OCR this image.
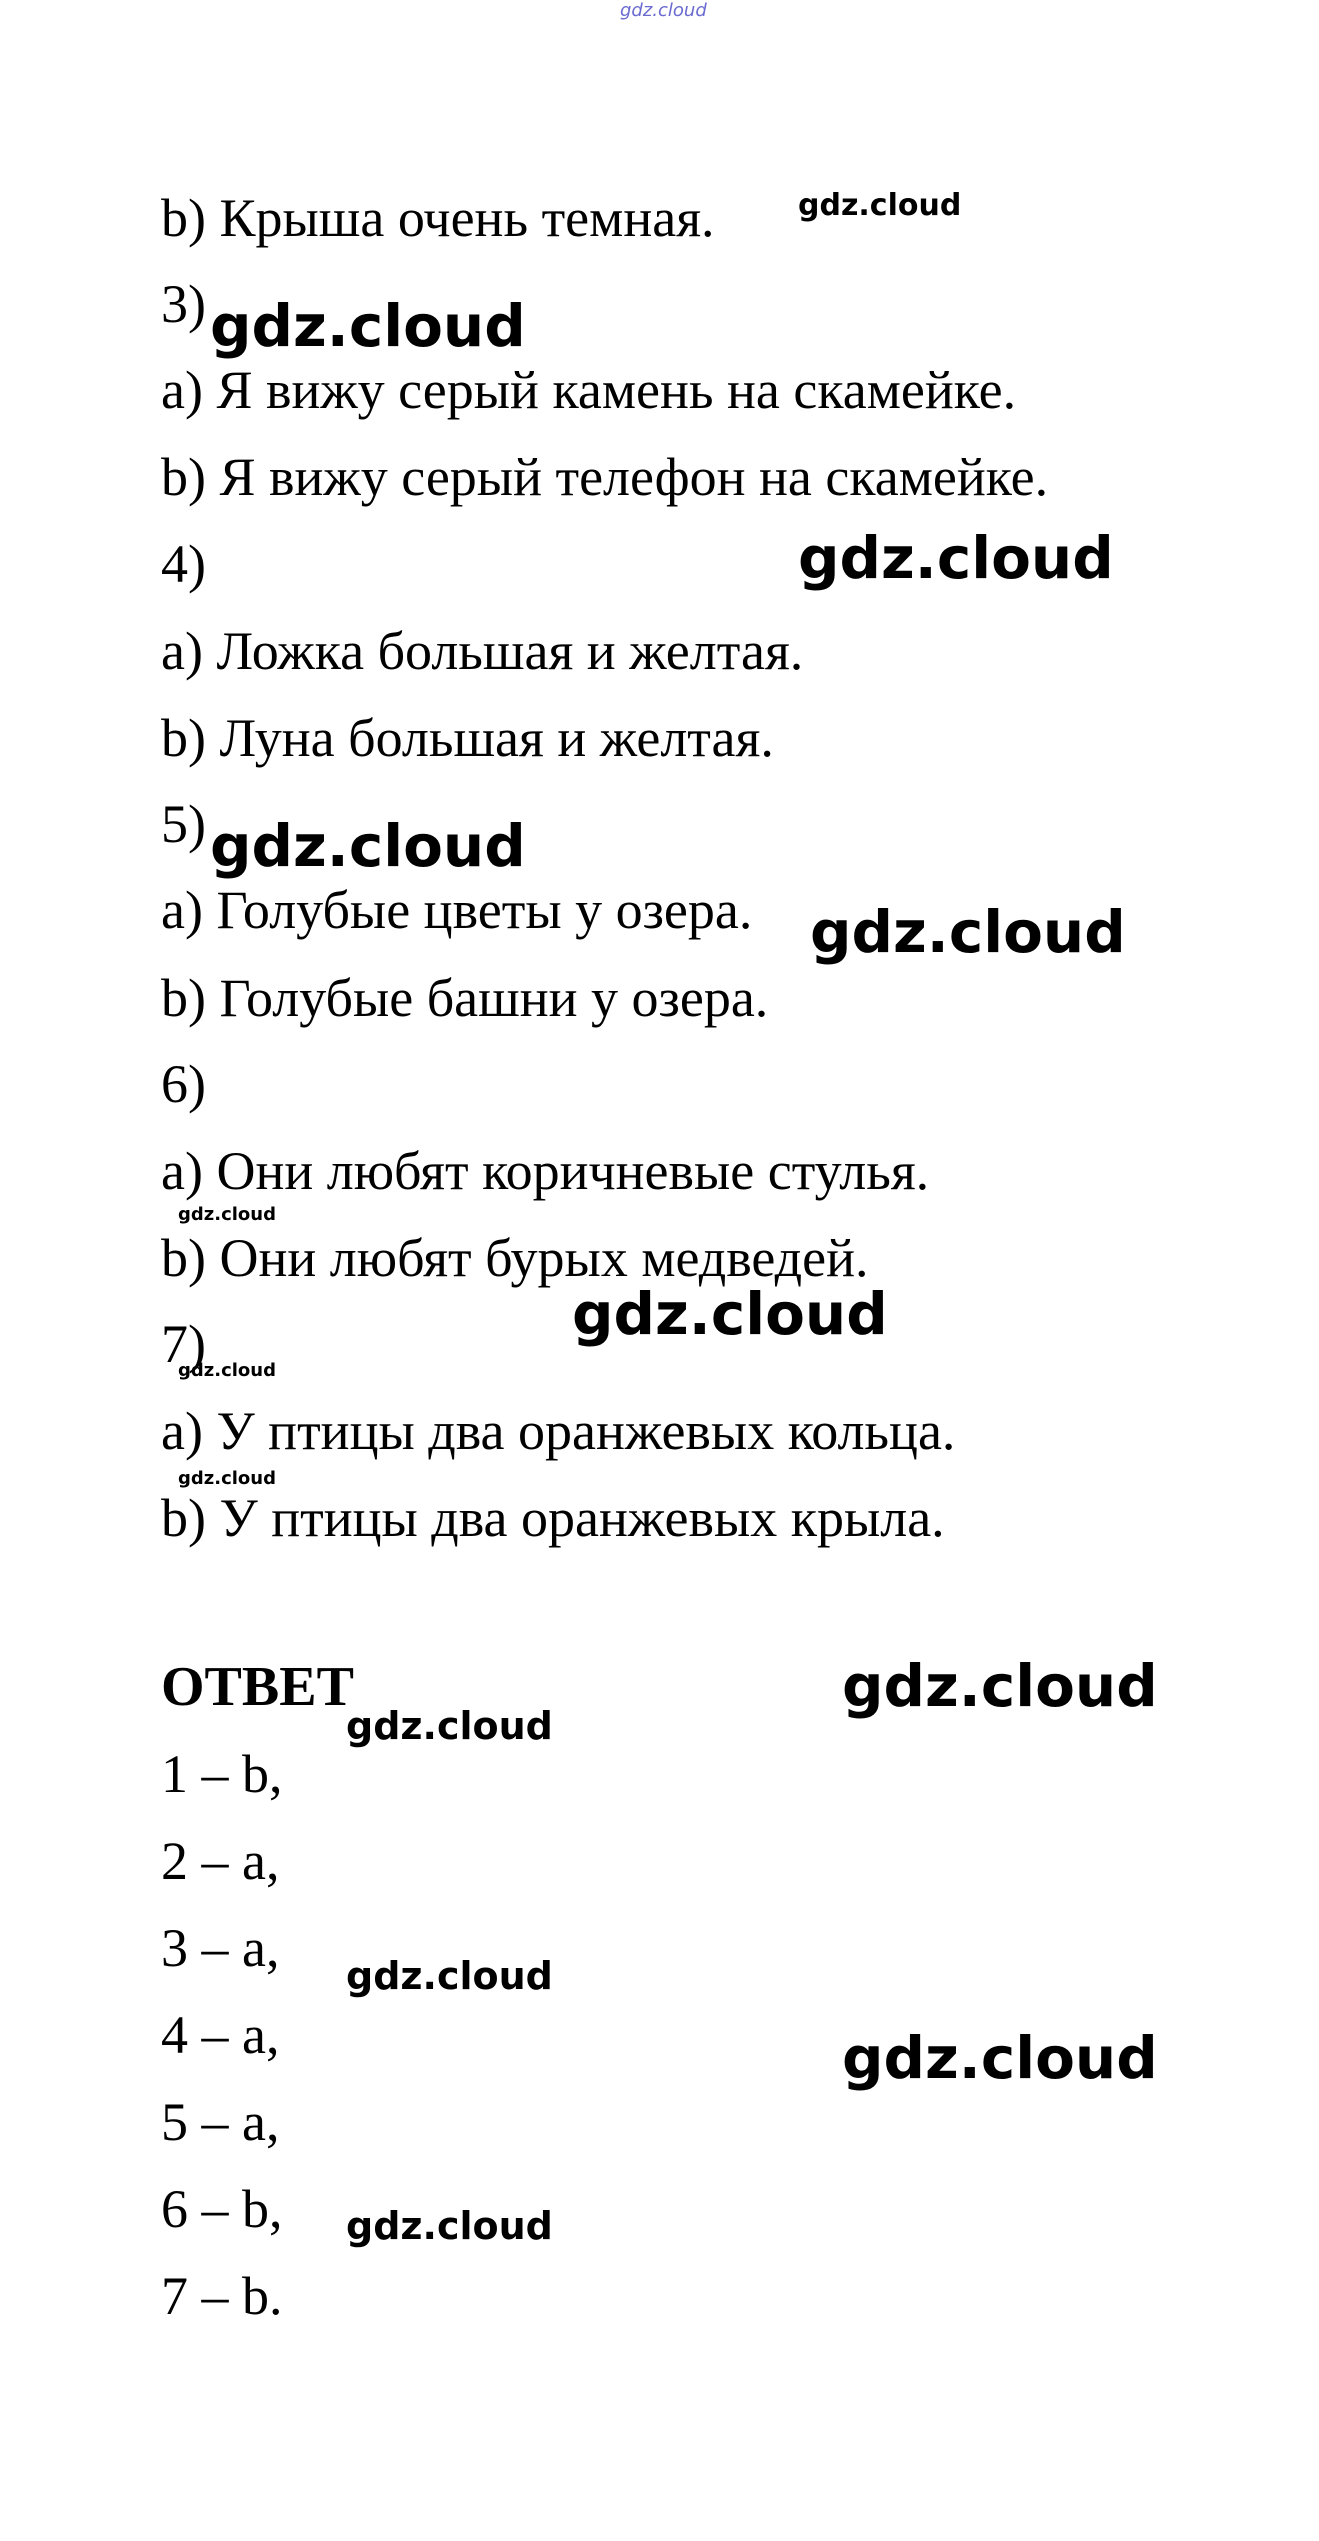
gdz.cloud
b) Крыша очень темная.
3)
a) Я вижу серый камень на скамейке.
b) Я вижу серый телефон на скамейке.
4)
a) Ложка большая и желтая.
b) Луна большая и желтая.
5)
a) Голубые цветы у озера.
b) Голубые башни у озера.
6)
a) Они любят коричневые стулья.
b) Они любят бурых медведей.
7)
a) У птицы два оранжевых кольца.
b) У птицы два оранжевых крыла.
ОТВЕТ
1 – b,
2 – a,
3 – a,
4 – a,
5 – a,
6 – b,
7 – b.
gdz.cloud
gdz.cloud
gdz.cloud
gdz.cloud
gdz.cloud
gdz.cloud
gdz.cloud
gdz.cloud
gdz.cloud
gdz.cloud
gdz.cloud
gdz.cloud
gdz.cloud
gdz.cloud
